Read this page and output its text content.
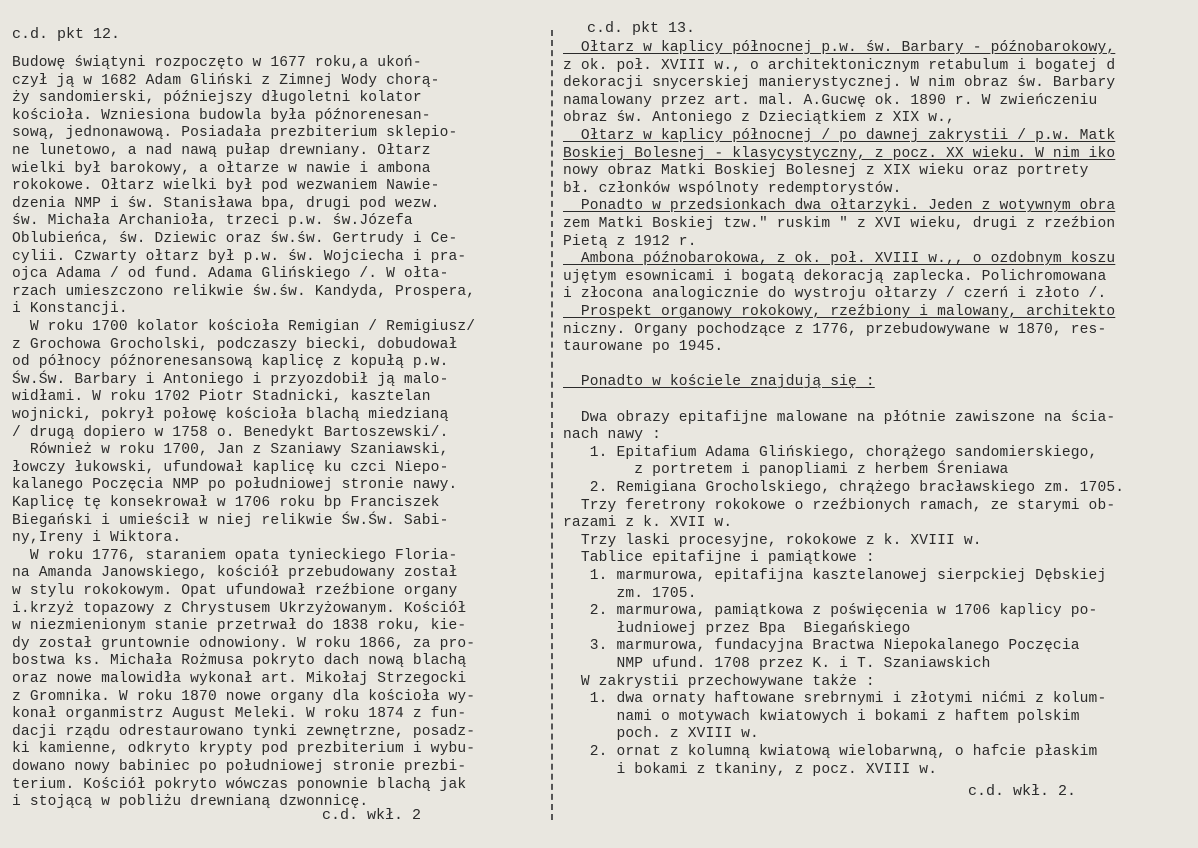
c.d. pkt 12.	c.d. pkt 13.
Budowę świątyni rozpoczęto w 1677 roku,a ukoń-
czył ją w 1682 Adam Gliński z Zimnej Wody chorą-
ży sandomierski, późniejszy długoletni kolator
kościoła. Wzniesiona budowla była późnorenesan-
sową, jednonawową. Posiadała prezbiterium sklepio-
ne lunetowo, a nad nawą pułap drewniany. Ołtarz
wielki był barokowy, a ołtarze w nawie i ambona
rokokowe. Ołtarz wielki był pod wezwaniem Nawie-
dzenia NMP i św. Stanisława bpa, drugi pod wezw.
św. Michała Archanioła, trzeci p.w. św.Józefa
Oblubieńca, św. Dziewic oraz św.św. Gertrudy i Ce-
cylii. Czwarty ołtarz był p.w. św. Wojciecha i pra-
ojca Adama / od fund. Adama Glińskiego /. W ołta-
rzach umieszczono relikwie św.św. Kandyda, Prospera,
i Konstancji.
W roku 1700 kolator kościoła Remigian / Remigiusz/
z Grochowa Grocholski, podczaszy biecki, dobudował
od północy późnorenesansową kaplicę z kopułą p.w.
Św.Św. Barbary i Antoniego i przyozdobił ją malo-
widłami. W roku 1702 Piotr Stadnicki, kasztelan
wojnicki, pokrył połowę kościoła blachą miedzianą
/ drugą dopiero w 1758 o. Benedykt Bartoszewski/.
Również w roku 1700, Jan z Szaniawy Szaniawski,
łowczy łukowski, ufundował kaplicę ku czci Niepo-
kalanego Poczęcia NMP po południowej stronie nawy.
Kaplicę tę konsekrował w 1706 roku bp Franciszek
Biegański i umieścił w niej relikwie Św.Św. Sabi-
ny,Ireny i Wiktora.
W roku 1776, staraniem opata tynieckiego Floria-
na Amanda Janowskiego, kościół przebudowany został
w stylu rokokowym. Opat ufundował rzeźbione organy
i.krzyż topazowy z Chrystusem Ukrzyżowanym. Kościół
w niezmienionym stanie przetrwał do 1838 roku, kie-
dy został gruntownie odnowiony. W roku 1866, za pro-
bostwa ks. Michała Rożmusa pokryto dach nową blachą
oraz nowe malowidła wykonał art. Mikołaj Strzegocki
z Gromnika. W roku 1870 nowe organy dla kościoła wy-
konał organmistrz August Meleki. W roku 1874 z fun-
dacji rządu odrestaurowano tynki zewnętrzne, posadz-
ki kamienne, odkryto krypty pod prezbiterium i wybu-
dowano nowy babiniec po południowej stronie prezbi-
terium. Kościół pokryto wówczas ponownie blachą jak
i stojącą w pobliżu drewnianą dzwonnicę.
Ołtarz w kaplicy północnej p.w. św. Barbary - późnobarokowy,
z ok. poł. XVIII w., o architektonicznym retabulum i bogatej d
dekoracji snycerskiej manierystycznej. W nim obraz św. Barbary
namalowany przez art. mal. A.Gucwę ok. 1890 r. W zwieńczeniu
obraz św. Antoniego z Dzieciątkiem z XIX w.,
Ołtarz w kaplicy północnej / po dawnej zakrystii / p.w. Matk
Boskiej Bolesnej - klasycystyczny, z pocz. XX wieku. W nim iko
nowy obraz Matki Boskiej Bolesnej z XIX wieku oraz portrety
bł. członków wspólnoty redemptorystów.
Ponadto w przedsionkach dwa ołtarzyki. Jeden z wotywnym obra
zem Matki Boskiej tzw." ruskim " z XVI wieku, drugi z rzeźbion
Pietą z 1912 r.
Ambona późnobarokowa, z ok. poł. XVIII w.,, o ozdobnym koszu
ujętym esownicami i bogatą dekoracją zaplecka. Polichromowana
i złocona analogicznie do wystroju ołtarzy / czerń i złoto /.
Prospekt organowy rokokowy, rzeźbiony i malowany, architekto
niczny. Organy pochodzące z 1776, przebudowywane w 1870, res-
taurowane po 1945.
Ponadto w kościele znajdują się :
Dwa obrazy epitafijne malowane na płótnie zawiszone na ścia-
nach nawy :
1. Epitafium Adama Glińskiego, chorążego sandomierskiego,
z portretem i panopliami z herbem Śreniawa
2. Remigiana Grocholskiego, chrążego bracławskiego zm. 1705.
Trzy feretrony rokokowe o rzeźbionych ramach, ze starymi ob-
razami z k. XVII w.
Trzy laski procesyjne, rokokowe z k. XVIII w.
Tablice epitafijne i pamiątkowe :
1. marmurowa, epitafijna kasztelanowej sierpckiej Dębskiej
zm. 1705.
2. marmurowa, pamiątkowa z poświęcenia w 1706 kaplicy po-
łudniowej przez Bpa  Biegańskiego
3. marmurowa, fundacyjna Bractwa Niepokalanego Poczęcia
NMP ufund. 1708 przez K. i T. Szaniawskich
W zakrystii przechowywane także :
1. dwa ornaty haftowane srebrnymi i złotymi nićmi z kolum-
nami o motywach kwiatowych i bokami z haftem polskim
poch. z XVIII w.
2. ornat z kolumną kwiatową wielobarwną, o hafcie płaskim
i bokami z tkaniny, z pocz. XVIII w.
c.d. wkł. 2
c.d. wkł. 2.
